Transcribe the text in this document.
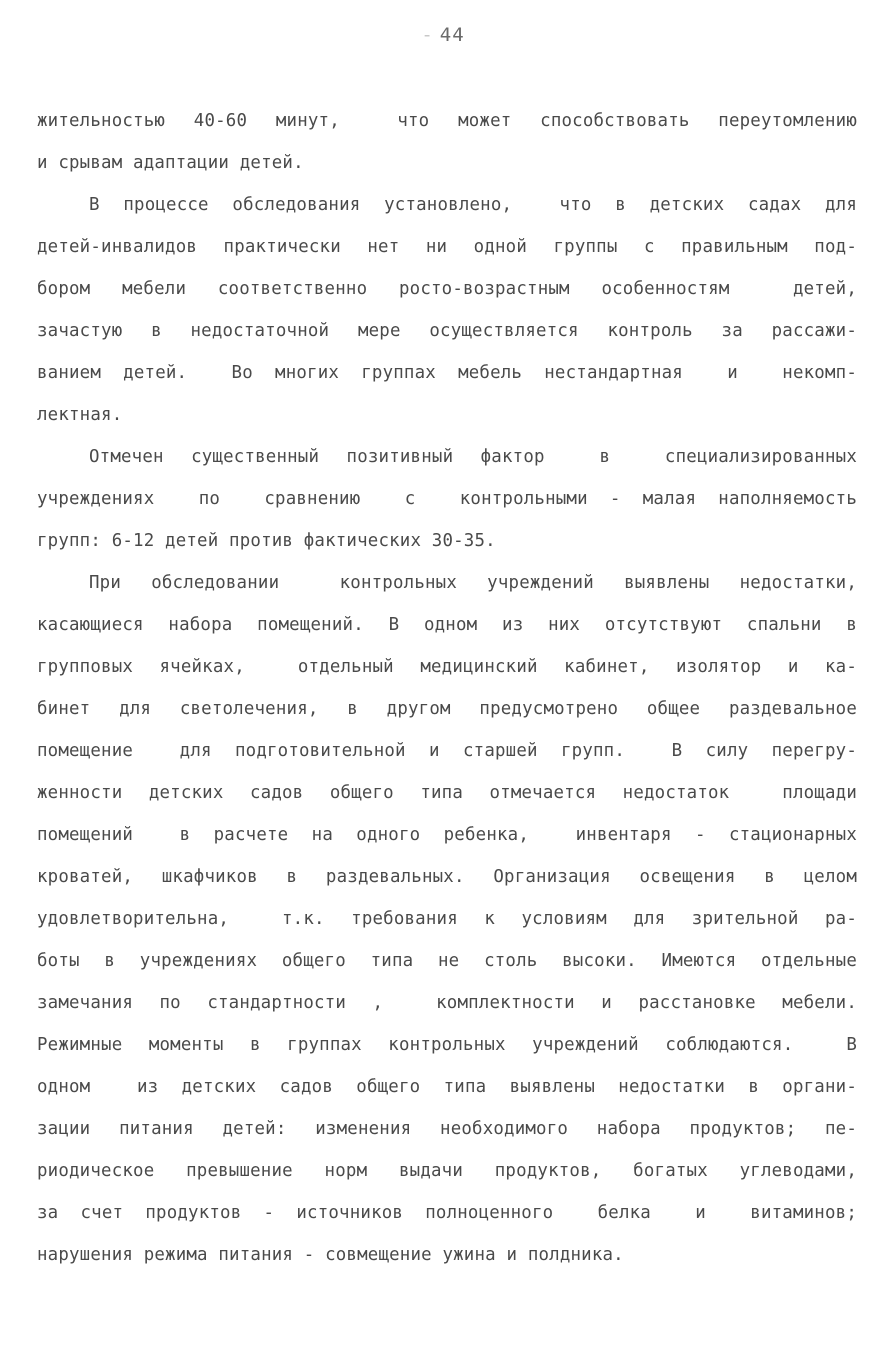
- 44
жительностью 40-60 минут,  что может способствовать переутомлению
и срывам адаптации детей.
В процессе обследования установлено,  что в детских садах для
детей-инвалидов практически нет ни одной группы с правильным под-
бором мебели соответственно росто-возрастным особенностям  детей,
зачастую в недостаточной мере осуществляется контроль за рассажи-
ванием детей.  Во многих группах мебель нестандартная  и  некомп-
лектная.
Отмечен существенный позитивный фактор  в  специализированных
учреждениях  по  сравнению  с  контрольными - малая наполняемость
групп: 6-12 детей против фактических 30-35.
При обследовании  контрольных учреждений выявлены недостатки,
касающиеся набора помещений. В одном из них отсутствуют спальни в
групповых ячейках,  отдельный медицинский кабинет, изолятор и ка-
бинет для светолечения, в другом предусмотрено общее раздевальное
помещение  для подготовительной и старшей групп.  В силу перегру-
женности детских садов общего типа отмечается недостаток  площади
помещений  в расчете на одного ребенка,  инвентаря - стационарных
кроватей, шкафчиков в раздевальных. Организация освещения в целом
удовлетворительна,  т.к. требования к условиям для зрительной ра-
боты в учреждениях общего типа не столь высоки. Имеются отдельные
замечания по стандартности ,  комплектности и расстановке мебели.
Режимные моменты в группах контрольных учреждений соблюдаются.  В
одном  из детских садов общего типа выявлены недостатки в органи-
зации питания детей: изменения необходимого набора продуктов; пе-
риодическое превышение норм выдачи продуктов, богатых углеводами,
за счет продуктов - источников полноценного  белка  и  витаминов;
нарушения режима питания - совмещение ужина и полдника.
